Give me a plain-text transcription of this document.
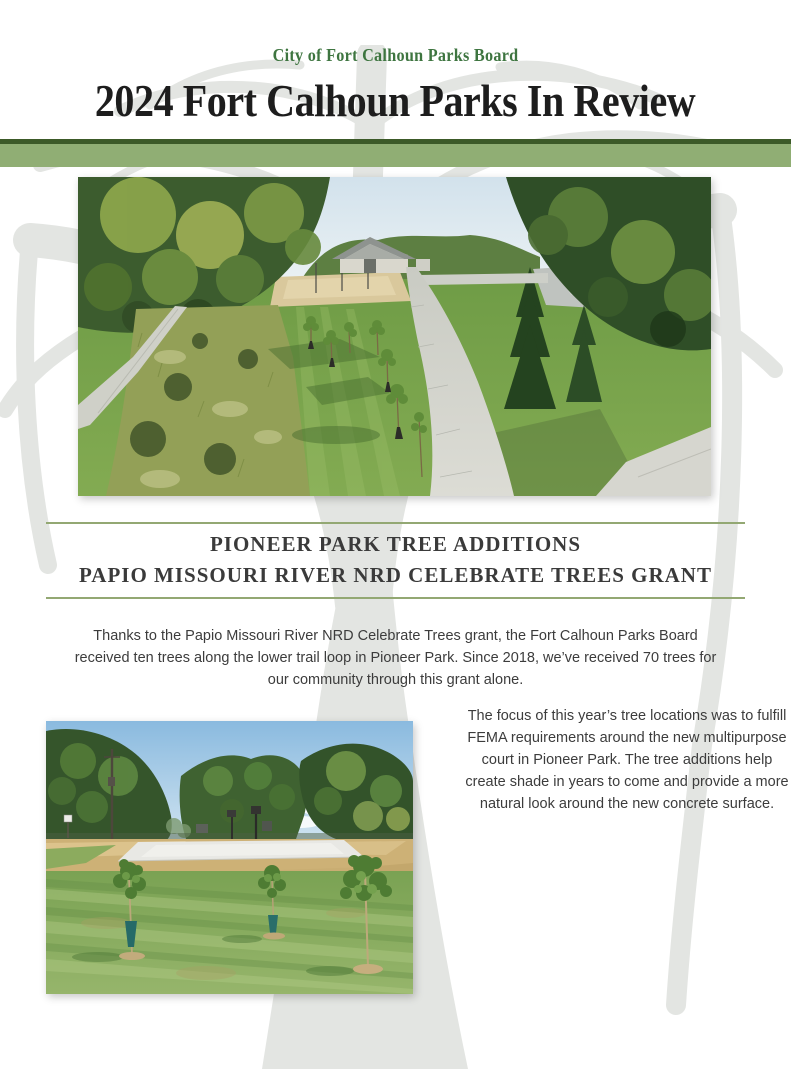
City of Fort Calhoun Parks Board
2024 Fort Calhoun Parks In Review
PIONEER PARK TREE ADDITIONS
PAPIO MISSOURI RIVER NRD CELEBRATE TREES GRANT

Thanks to the Papio Missouri River NRD Celebrate Trees grant, the Fort Calhoun Parks Board received ten trees along the lower trail loop in Pioneer Park. Since 2018, we’ve received 70 trees for our community through this grant alone.

The focus of this year’s tree locations was to fulfill FEMA requirements around the new multipurpose court in Pioneer Park. The tree additions help create shade in years to come and provide a more natural look around the new concrete surface.
